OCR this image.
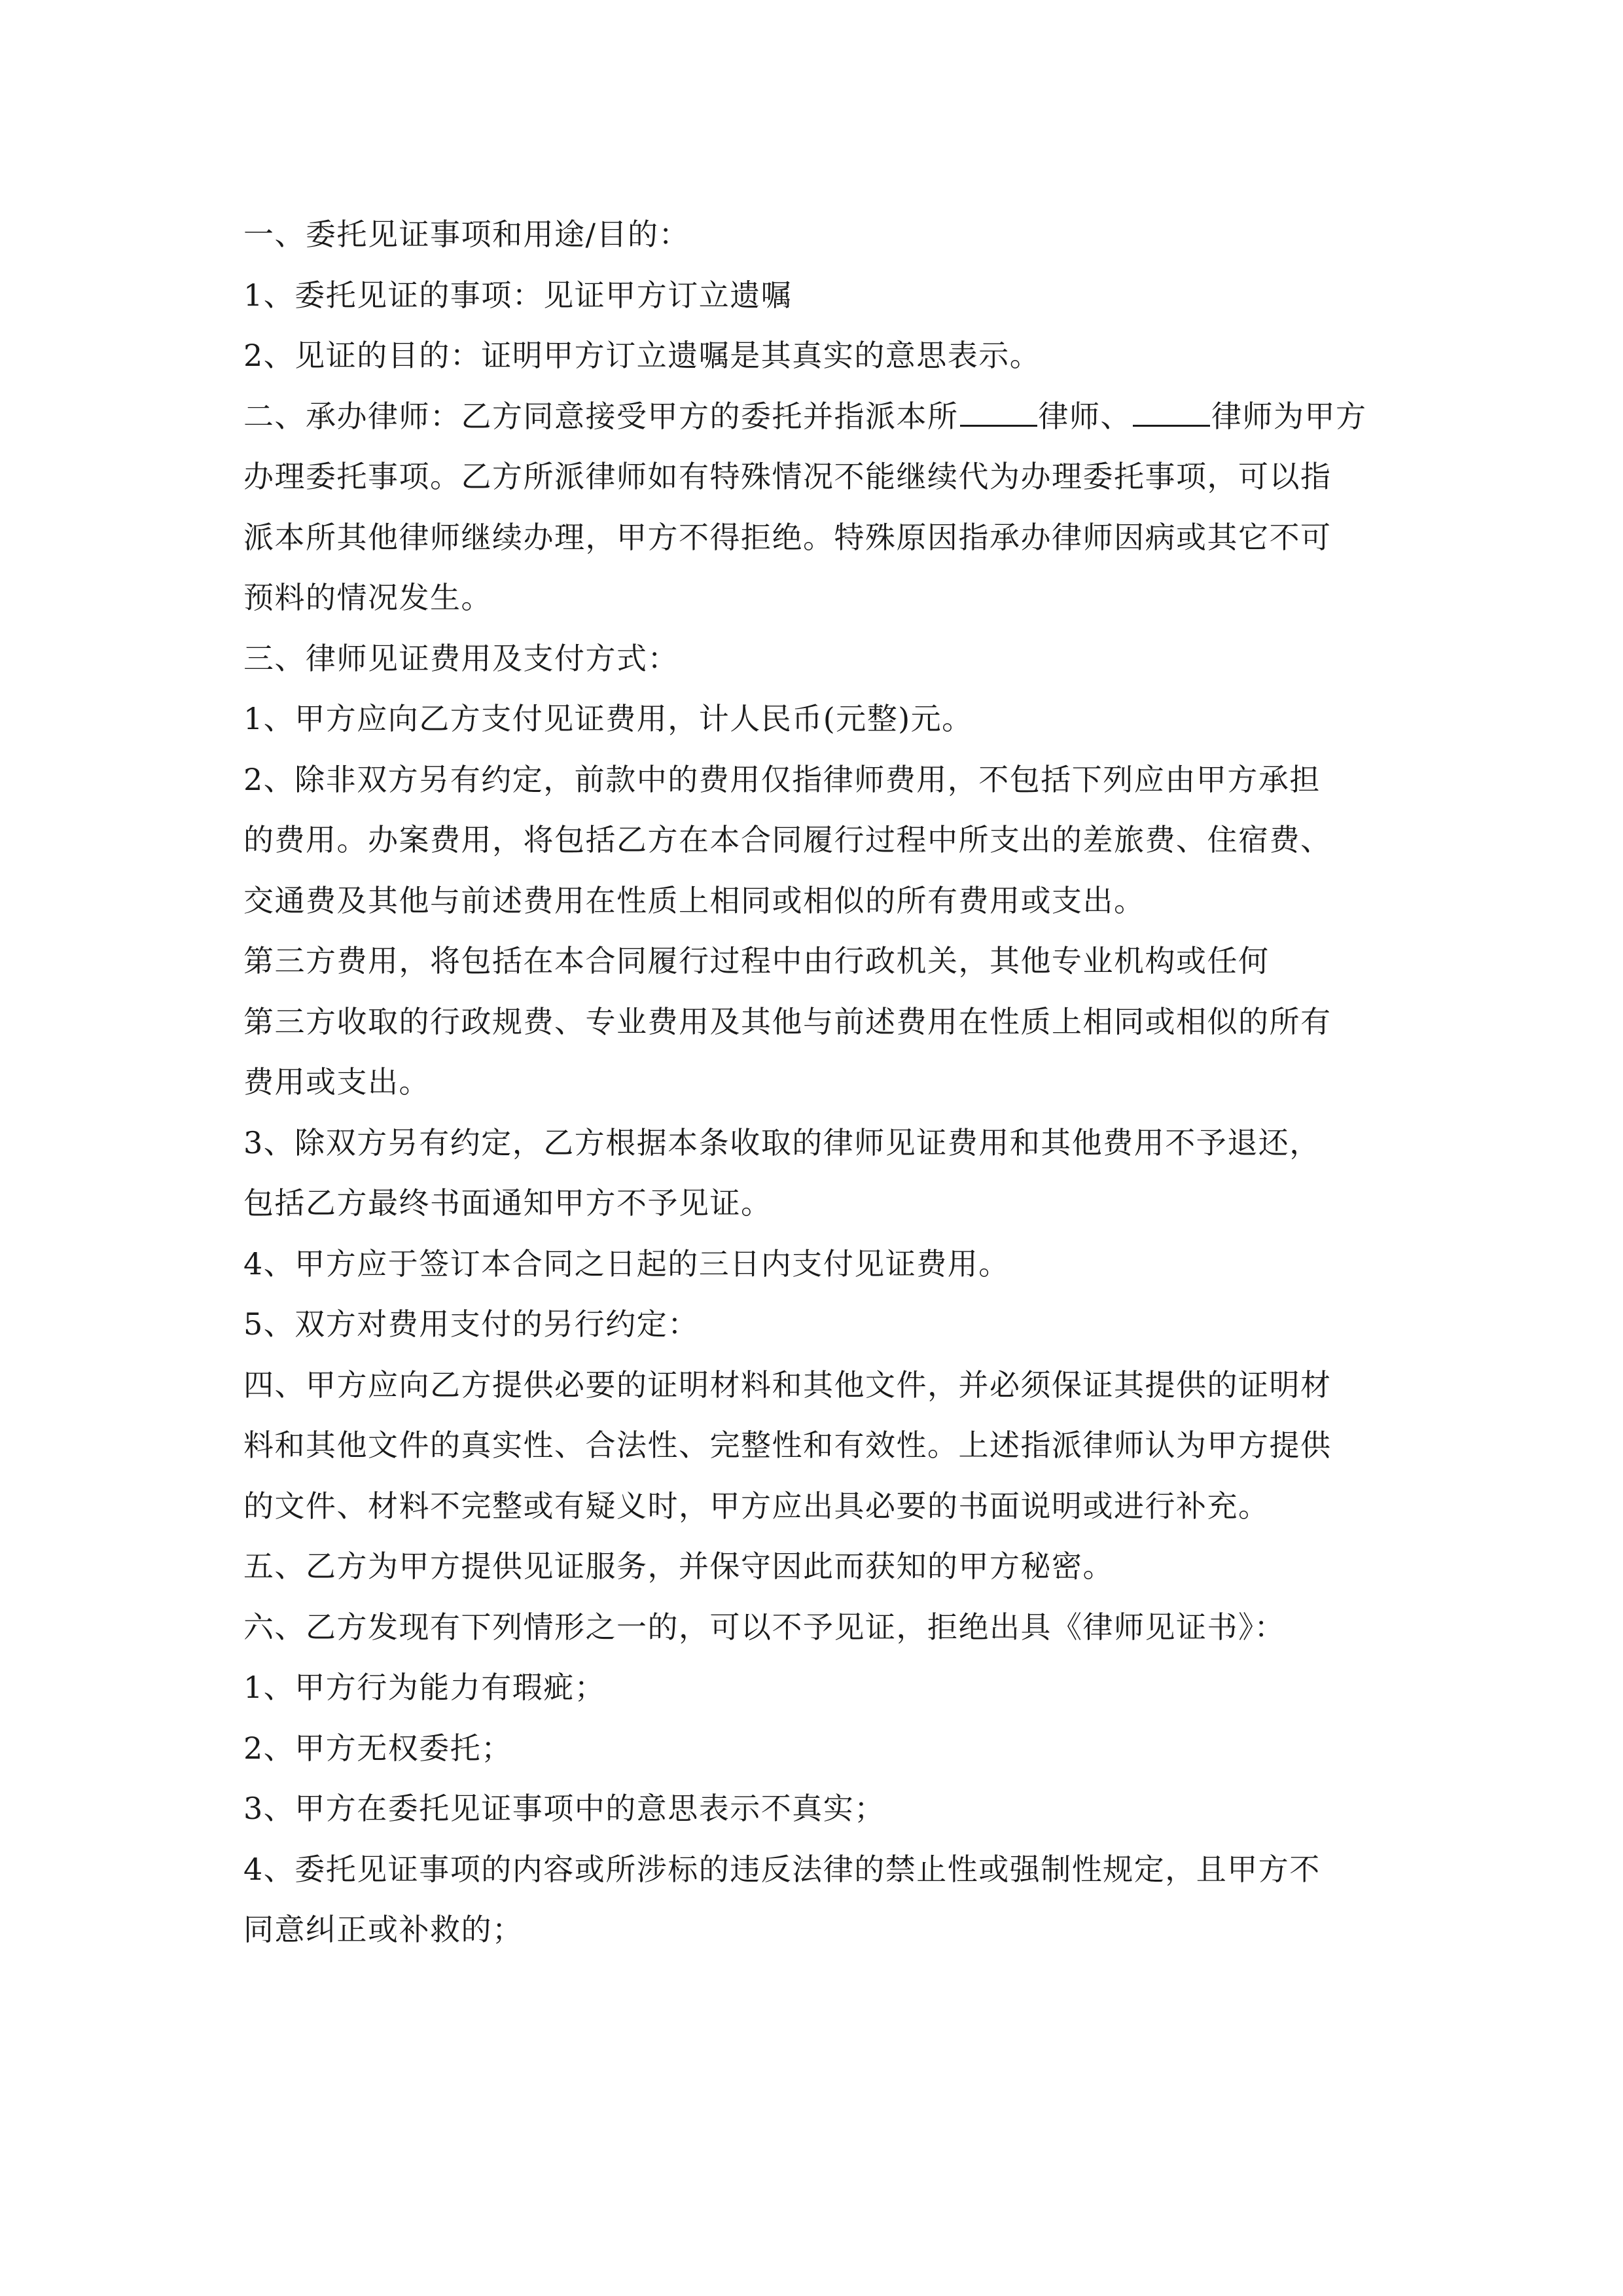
一、委托见证事项和用途/目的：
1、委托见证的事项：见证甲方订立遗嘱
2、见证的目的：证明甲方订立遗嘱是其真实的意思表示。
二、承办律师：乙方同意接受甲方的委托并指派本所	律师、	律师为甲方
办理委托事项。乙方所派律师如有特殊情况不能继续代为办理委托事项，可以指
派本所其他律师继续办理，甲方不得拒绝。特殊原因指承办律师因病或其它不可
预料的情况发生。
三、律师见证费用及支付方式：
1、甲方应向乙方支付见证费用，计人民币(元整)元。
2、除非双方另有约定，前款中的费用仅指律师费用，不包括下列应由甲方承担
的费用。办案费用，将包括乙方在本合同履行过程中所支出的差旅费、住宿费、
交通费及其他与前述费用在性质上相同或相似的所有费用或支出。
第三方费用，将包括在本合同履行过程中由行政机关，其他专业机构或任何
第三方收取的行政规费、专业费用及其他与前述费用在性质上相同或相似的所有
费用或支出。
3、除双方另有约定，乙方根据本条收取的律师见证费用和其他费用不予退还，
包括乙方最终书面通知甲方不予见证。
4、甲方应于签订本合同之日起的三日内支付见证费用。
5、双方对费用支付的另行约定：
四、甲方应向乙方提供必要的证明材料和其他文件，并必须保证其提供的证明材
料和其他文件的真实性、合法性、完整性和有效性。上述指派律师认为甲方提供
的文件、材料不完整或有疑义时，甲方应出具必要的书面说明或进行补充。
五、乙方为甲方提供见证服务，并保守因此而获知的甲方秘密。
六、乙方发现有下列情形之一的，可以不予见证，拒绝出具《律师见证书》：
1、甲方行为能力有瑕疵；
2、甲方无权委托；
3、甲方在委托见证事项中的意思表示不真实；
4、委托见证事项的内容或所涉标的违反法律的禁止性或强制性规定，且甲方不
同意纠正或补救的；
